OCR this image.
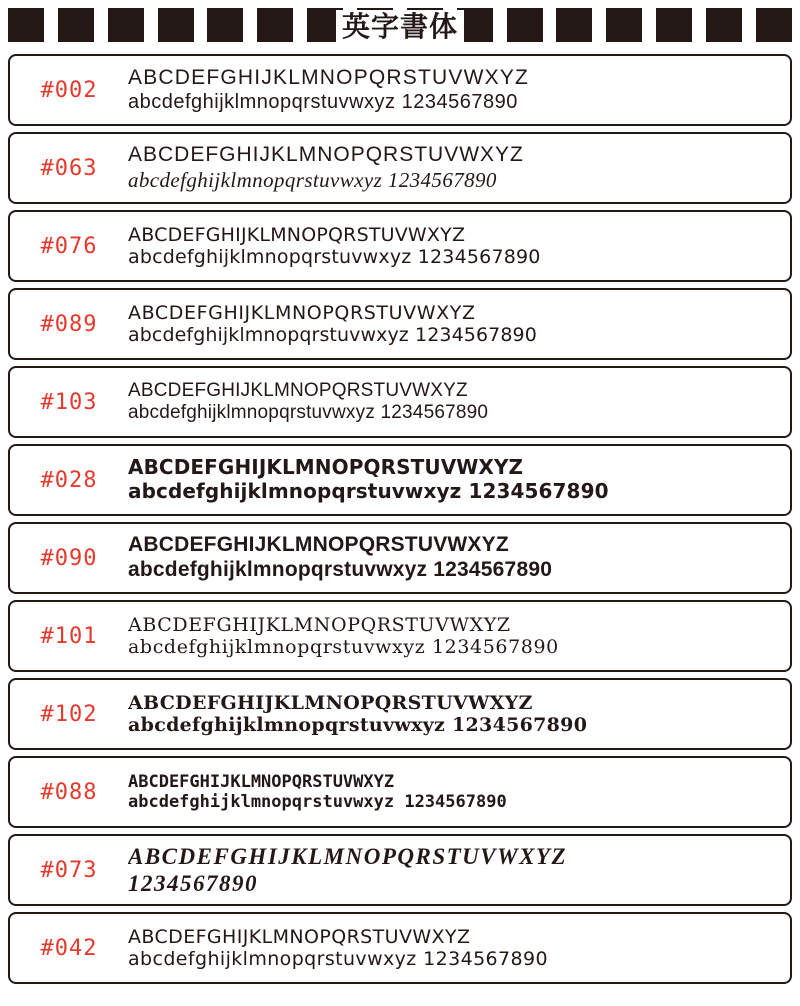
英字書体
#002
ABCDEFGHIJKLMNOPQRSTUVWXYZ
abcdefghijklmnopqrstuvwxyz 1234567890
#063
ABCDEFGHIJKLMNOPQRSTUVWXYZ
abcdefghijklmnopqrstuvwxyz 1234567890
#076	ABCDEFGHIJKLMNOPQRSTUVWXYZ
abcdefghijklmnopqrstuvwxyz 1234567890
#089	ABCDEFGHIJKLMNOPQRSTUVWXYZ
abcdefghijklmnopqrstuvwxyz 1234567890
#103	ABCDEFGHIJKLMNOPQRSTUVWXYZ
abcdefghijklmnopqrstuvwxyz 1234567890
#028
ABCDEFGHIJKLMNOPQRSTUVWXYZ
abcdefghijklmnopqrstuvwxyz 1234567890
#090
ABCDEFGHIJKLMNOPQRSTUVWXYZ
abcdefghijklmnopqrstuvwxyz 1234567890
#101	ABCDEFGHIJKLMNOPQRSTUVWXYZ
abcdefghijklmnopqrstuvwxyz 1234567890
#102	ABCDEFGHIJKLMNOPQRSTUVWXYZ
abcdefghijklmnopqrstuvwxyz 1234567890
#088	ABCDEFGHIJKLMNOPQRSTUVWXYZ
abcdefghijklmnopqrstuvwxyz 1234567890
#073
ABCDEFGHIJKLMNOPQRSTUVWXYZ
1234567890
#042	ABCDEFGHIJKLMNOPQRSTUVWXYZ
abcdefghijklmnopqrstuvwxyz 1234567890
